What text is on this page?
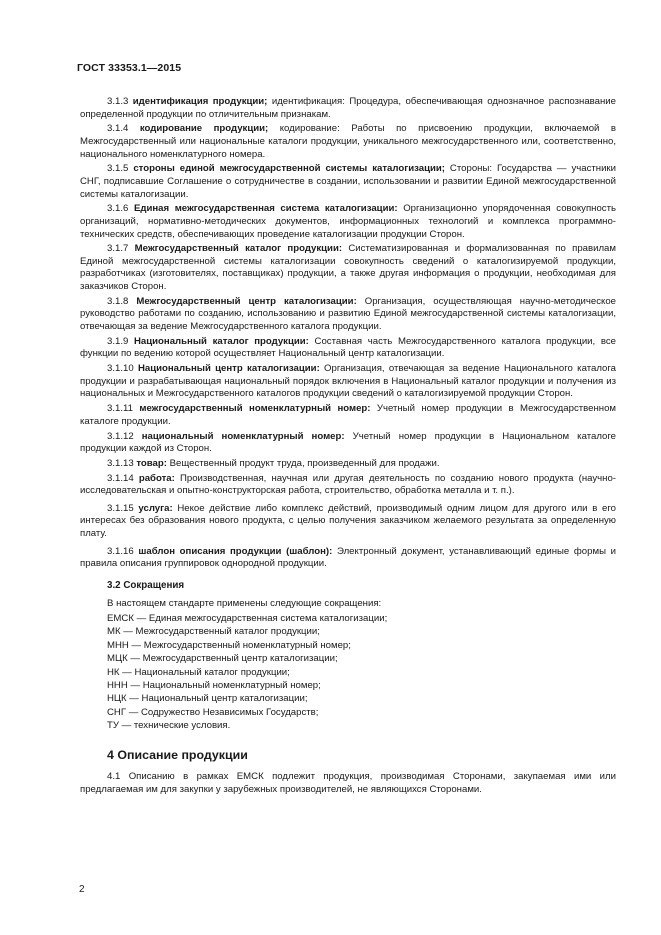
ГОСТ 33353.1—2015

3.1.3 идентификация продукции; идентификация: Процедура, обеспечивающая однозначное распознавание определенной продукции по отличительным признакам.

3.1.4 кодирование продукции; кодирование: Работы по присвоению продукции, включаемой в Межгосударственный или национальные каталоги продукции, уникального межгосударственного или, соответственно, национального номенклатурного номера.

3.1.5 стороны единой межгосударственной системы каталогизации; Стороны: Государства — участники СНГ, подписавшие Соглашение о сотрудничестве в создании, использовании и развитии Единой межгосударственной системы каталогизации.

3.1.6 Единая межгосударственная система каталогизации: Организационно упорядоченная совокупность организаций, нормативно-методических документов, информационных технологий и комплекса программно-технических средств, обеспечивающих проведение каталогизации продукции Сторон.

3.1.7 Межгосударственный каталог продукции: Систематизированная и формализованная по правилам Единой межгосударственной системы каталогизации совокупность сведений о каталогизируемой продукции, разработчиках (изготовителях, поставщиках) продукции, а также другая информация о продукции, необходимая для заказчиков Сторон.

3.1.8 Межгосударственный центр каталогизации: Организация, осуществляющая научно-методическое руководство работами по созданию, использованию и развитию Единой межгосударственной системы каталогизации, отвечающая за ведение Межгосударственного каталога продукции.

3.1.9 Национальный каталог продукции: Составная часть Межгосударственного каталога продукции, все функции по ведению которой осуществляет Национальный центр каталогизации.

3.1.10 Национальный центр каталогизации: Организация, отвечающая за ведение Национального каталога продукции и разрабатывающая национальный порядок включения в Национальный каталог продукции и получения из национальных и Межгосударственного каталогов продукции сведений о каталогизируемой продукции Сторон.

3.1.11 межгосударственный номенклатурный номер: Учетный номер продукции в Межгосударственном каталоге продукции.

3.1.12 национальный номенклатурный номер: Учетный номер продукции в Национальном каталоге продукции каждой из Сторон.

3.1.13 товар: Вещественный продукт труда, произведенный для продажи.

3.1.14 работа: Производственная, научная или другая деятельность по созданию нового продукта (научно-исследовательская и опытно-конструкторская работа, строительство, обработка металла и т. п.).

3.1.15 услуга: Некое действие либо комплекс действий, производимый одним лицом для другого или в его интересах без образования нового продукта, с целью получения заказчиком желаемого результата за определенную плату.

3.1.16 шаблон описания продукции (шаблон): Электронный документ, устанавливающий единые формы и правила описания группировок однородной продукции.

3.2 Сокращения
В настоящем стандарте применены следующие сокращения:
ЕМСК — Единая межгосударственная система каталогизации;
МК — Межгосударственный каталог продукции;
МНН — Межгосударственный номенклатурный номер;
МЦК — Межгосударственный центр каталогизации;
НК — Национальный каталог продукции;
ННН — Национальный номенклатурный номер;
НЦК — Национальный центр каталогизации;
СНГ — Содружество Независимых Государств;
ТУ — технические условия.
4 Описание продукции

4.1 Описанию в рамках ЕМСК подлежит продукция, производимая Сторонами, закупаемая ими или предлагаемая им для закупки у зарубежных производителей, не являющихся Сторонами.

2
